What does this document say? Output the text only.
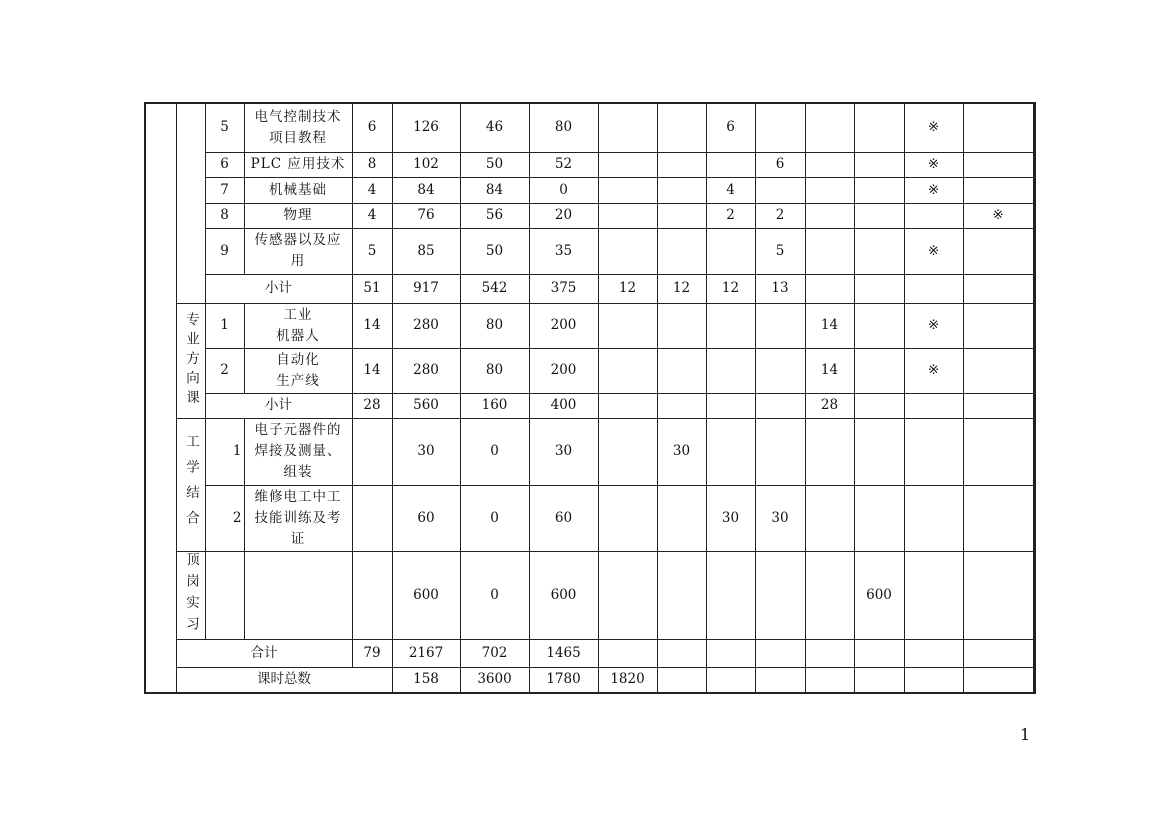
		5	电气控制技术
项目教程	6	126	46	80			6				※		
		6	PLC 应用技术	8	102	50	52				6			※		
		7	机械基础	4	84	84	0			4				※		
		8	物理	4	76	56	20			2	2				※	
		9	传感器以及应
用	5	85	50	35				5			※		
		小计		51	917	542	375	12	12	12	13					
	专业方向课	1	工业
机器人	14	280	80	200					14		※		
		2	自动化
生产线	14	280	80	200					14		※		
		小计		28	560	160	400					28				
	工学结合	1	电子元器件的
焊接及测量、
组装		30	0	30		30							
		2	维修电工中工
技能训练及考
证		60	0	60			30	30					
	顶岗实习				600	0	600						600			
	合计			79	2167	702	1465									
	课时总数				158	3600	1780	1820								
1
